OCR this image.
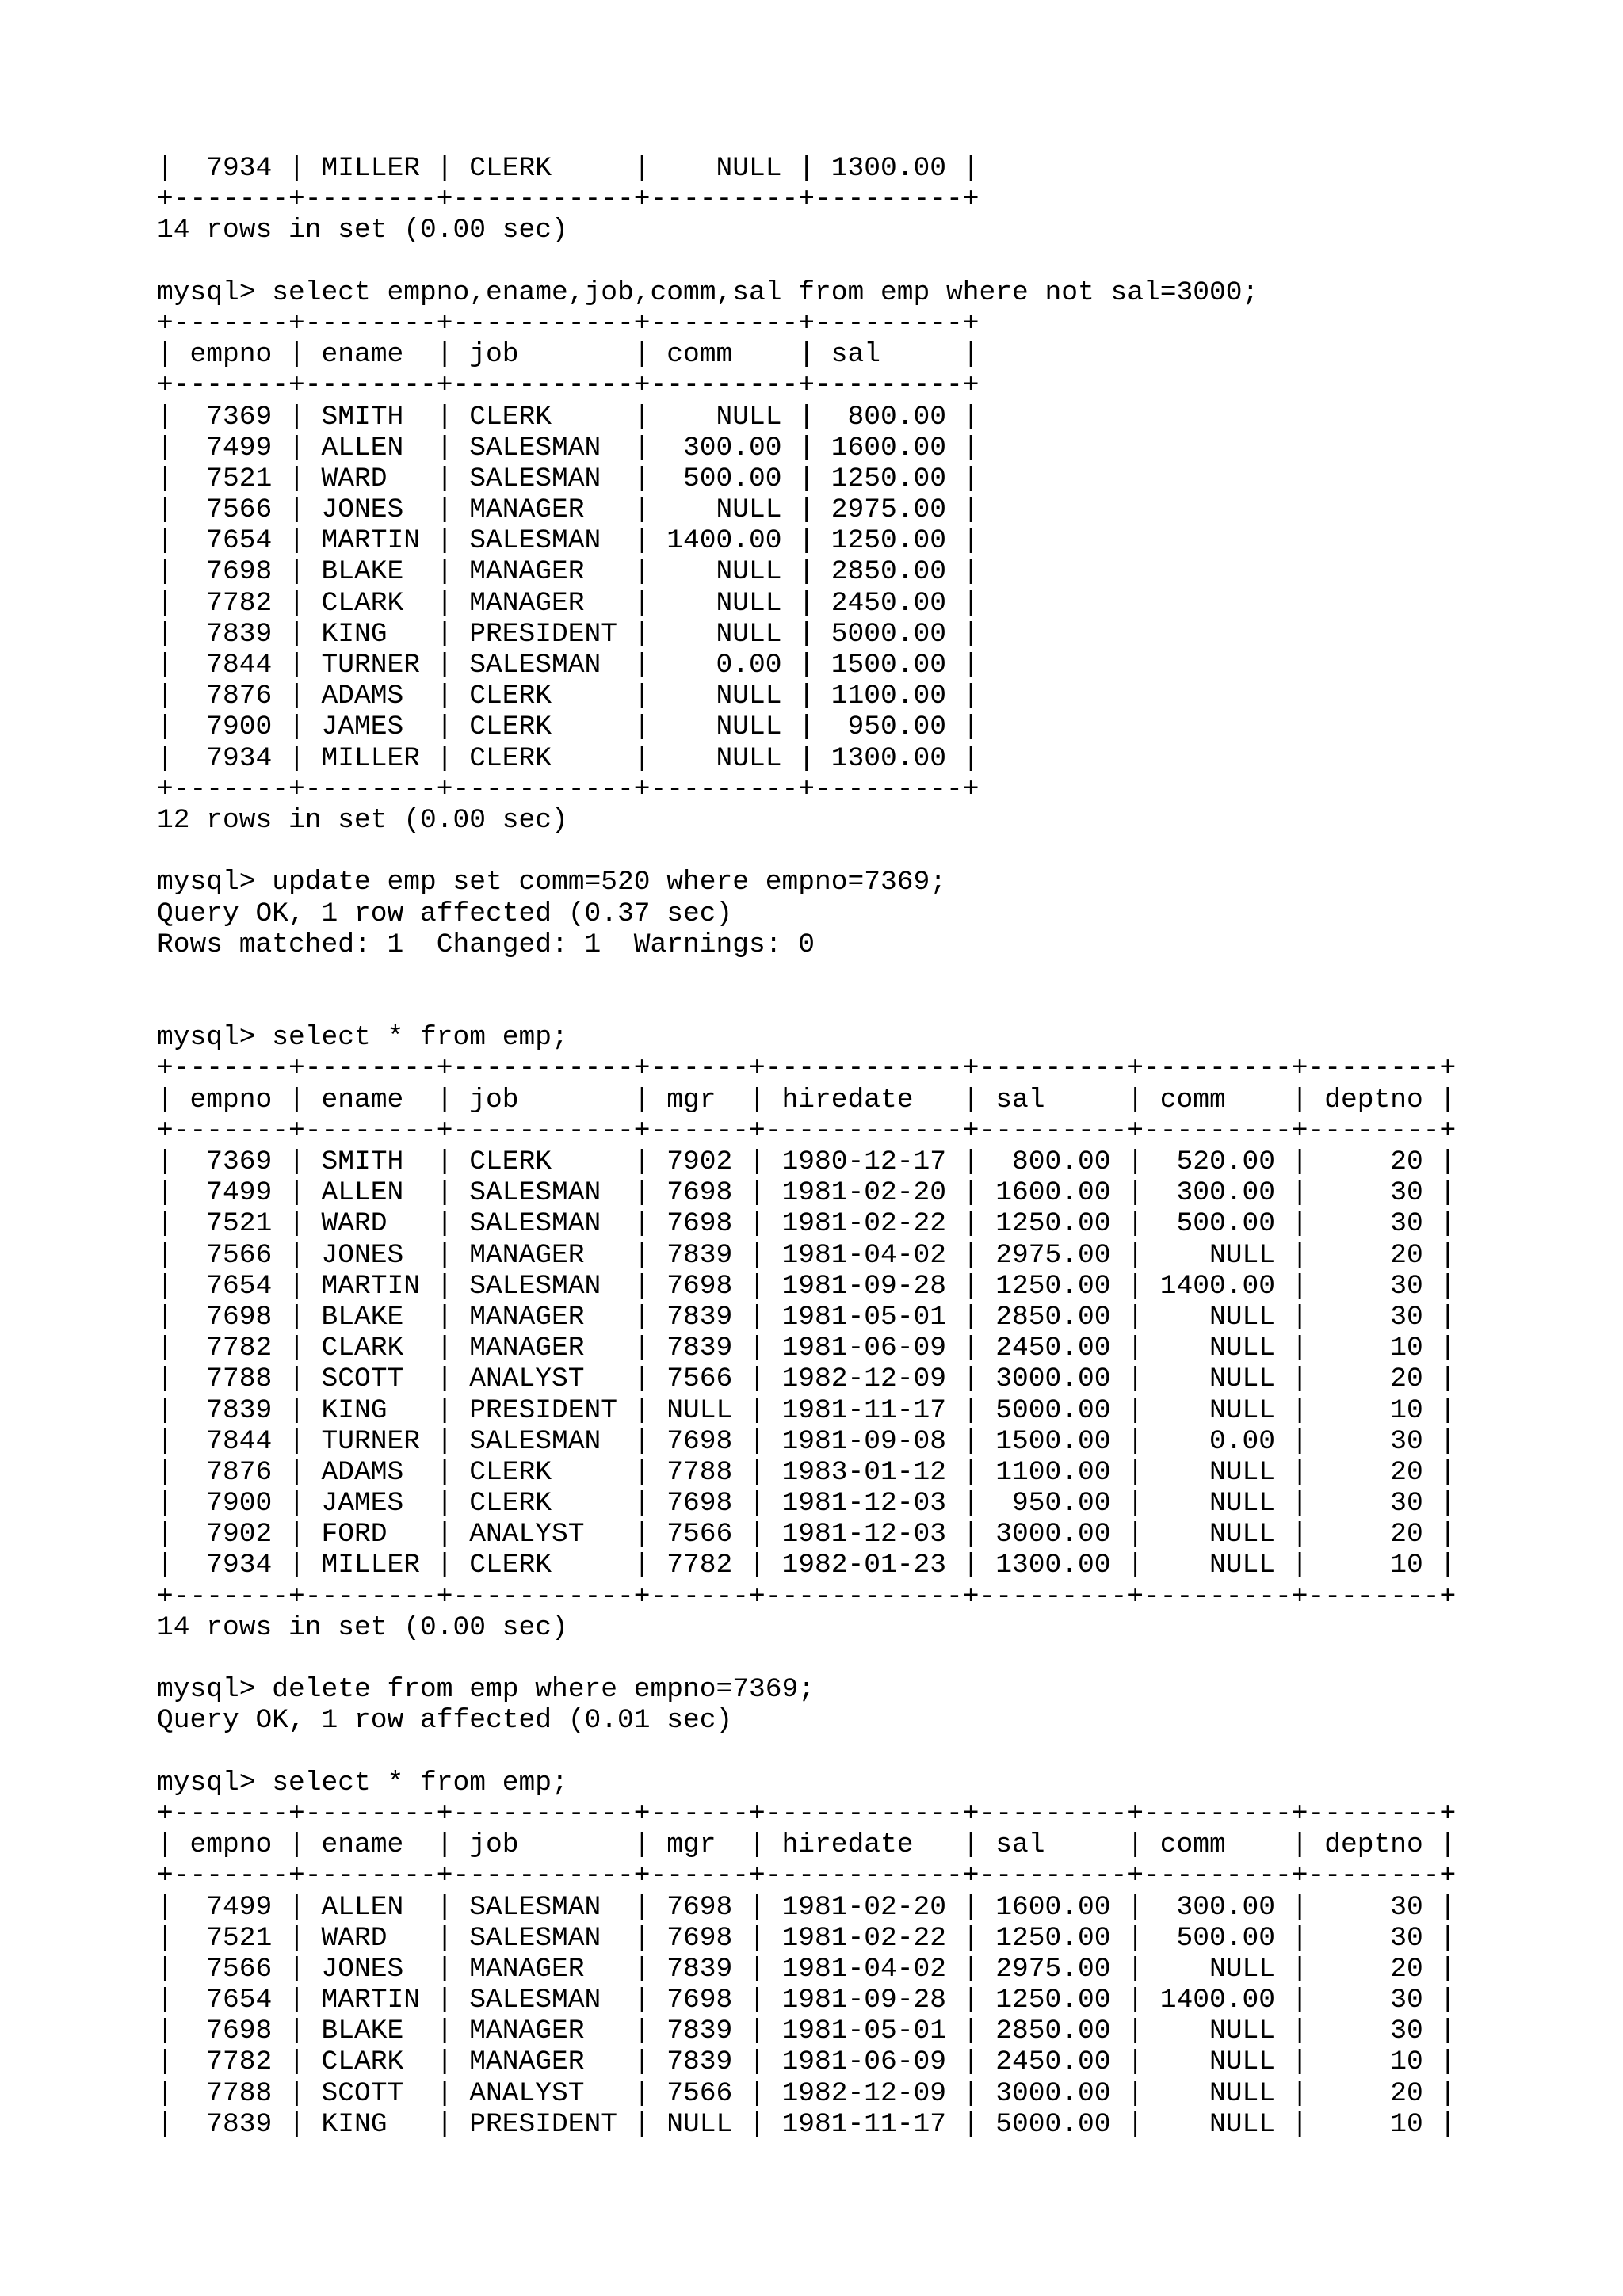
|  7934 | MILLER | CLERK     |    NULL | 1300.00 |
+-------+--------+-----------+---------+---------+
14 rows in set (0.00 sec)
mysql> select empno,ename,job,comm,sal from emp where not sal=3000;
+-------+--------+-----------+---------+---------+
| empno | ename  | job       | comm    | sal     |
+-------+--------+-----------+---------+---------+
|  7369 | SMITH  | CLERK     |    NULL |  800.00 |
|  7499 | ALLEN  | SALESMAN  |  300.00 | 1600.00 |
|  7521 | WARD   | SALESMAN  |  500.00 | 1250.00 |
|  7566 | JONES  | MANAGER   |    NULL | 2975.00 |
|  7654 | MARTIN | SALESMAN  | 1400.00 | 1250.00 |
|  7698 | BLAKE  | MANAGER   |    NULL | 2850.00 |
|  7782 | CLARK  | MANAGER   |    NULL | 2450.00 |
|  7839 | KING   | PRESIDENT |    NULL | 5000.00 |
|  7844 | TURNER | SALESMAN  |    0.00 | 1500.00 |
|  7876 | ADAMS  | CLERK     |    NULL | 1100.00 |
|  7900 | JAMES  | CLERK     |    NULL |  950.00 |
|  7934 | MILLER | CLERK     |    NULL | 1300.00 |
+-------+--------+-----------+---------+---------+
12 rows in set (0.00 sec)
mysql> update emp set comm=520 where empno=7369;
Query OK, 1 row affected (0.37 sec)
Rows matched: 1  Changed: 1  Warnings: 0
mysql> select * from emp;
+-------+--------+-----------+------+------------+---------+---------+--------+
| empno | ename  | job       | mgr  | hiredate   | sal     | comm    | deptno |
+-------+--------+-----------+------+------------+---------+---------+--------+
|  7369 | SMITH  | CLERK     | 7902 | 1980-12-17 |  800.00 |  520.00 |     20 |
|  7499 | ALLEN  | SALESMAN  | 7698 | 1981-02-20 | 1600.00 |  300.00 |     30 |
|  7521 | WARD   | SALESMAN  | 7698 | 1981-02-22 | 1250.00 |  500.00 |     30 |
|  7566 | JONES  | MANAGER   | 7839 | 1981-04-02 | 2975.00 |    NULL |     20 |
|  7654 | MARTIN | SALESMAN  | 7698 | 1981-09-28 | 1250.00 | 1400.00 |     30 |
|  7698 | BLAKE  | MANAGER   | 7839 | 1981-05-01 | 2850.00 |    NULL |     30 |
|  7782 | CLARK  | MANAGER   | 7839 | 1981-06-09 | 2450.00 |    NULL |     10 |
|  7788 | SCOTT  | ANALYST   | 7566 | 1982-12-09 | 3000.00 |    NULL |     20 |
|  7839 | KING   | PRESIDENT | NULL | 1981-11-17 | 5000.00 |    NULL |     10 |
|  7844 | TURNER | SALESMAN  | 7698 | 1981-09-08 | 1500.00 |    0.00 |     30 |
|  7876 | ADAMS  | CLERK     | 7788 | 1983-01-12 | 1100.00 |    NULL |     20 |
|  7900 | JAMES  | CLERK     | 7698 | 1981-12-03 |  950.00 |    NULL |     30 |
|  7902 | FORD   | ANALYST   | 7566 | 1981-12-03 | 3000.00 |    NULL |     20 |
|  7934 | MILLER | CLERK     | 7782 | 1982-01-23 | 1300.00 |    NULL |     10 |
+-------+--------+-----------+------+------------+---------+---------+--------+
14 rows in set (0.00 sec)
mysql> delete from emp where empno=7369;
Query OK, 1 row affected (0.01 sec)
mysql> select * from emp;
+-------+--------+-----------+------+------------+---------+---------+--------+
| empno | ename  | job       | mgr  | hiredate   | sal     | comm    | deptno |
+-------+--------+-----------+------+------------+---------+---------+--------+
|  7499 | ALLEN  | SALESMAN  | 7698 | 1981-02-20 | 1600.00 |  300.00 |     30 |
|  7521 | WARD   | SALESMAN  | 7698 | 1981-02-22 | 1250.00 |  500.00 |     30 |
|  7566 | JONES  | MANAGER   | 7839 | 1981-04-02 | 2975.00 |    NULL |     20 |
|  7654 | MARTIN | SALESMAN  | 7698 | 1981-09-28 | 1250.00 | 1400.00 |     30 |
|  7698 | BLAKE  | MANAGER   | 7839 | 1981-05-01 | 2850.00 |    NULL |     30 |
|  7782 | CLARK  | MANAGER   | 7839 | 1981-06-09 | 2450.00 |    NULL |     10 |
|  7788 | SCOTT  | ANALYST   | 7566 | 1982-12-09 | 3000.00 |    NULL |     20 |
|  7839 | KING   | PRESIDENT | NULL | 1981-11-17 | 5000.00 |    NULL |     10 |
